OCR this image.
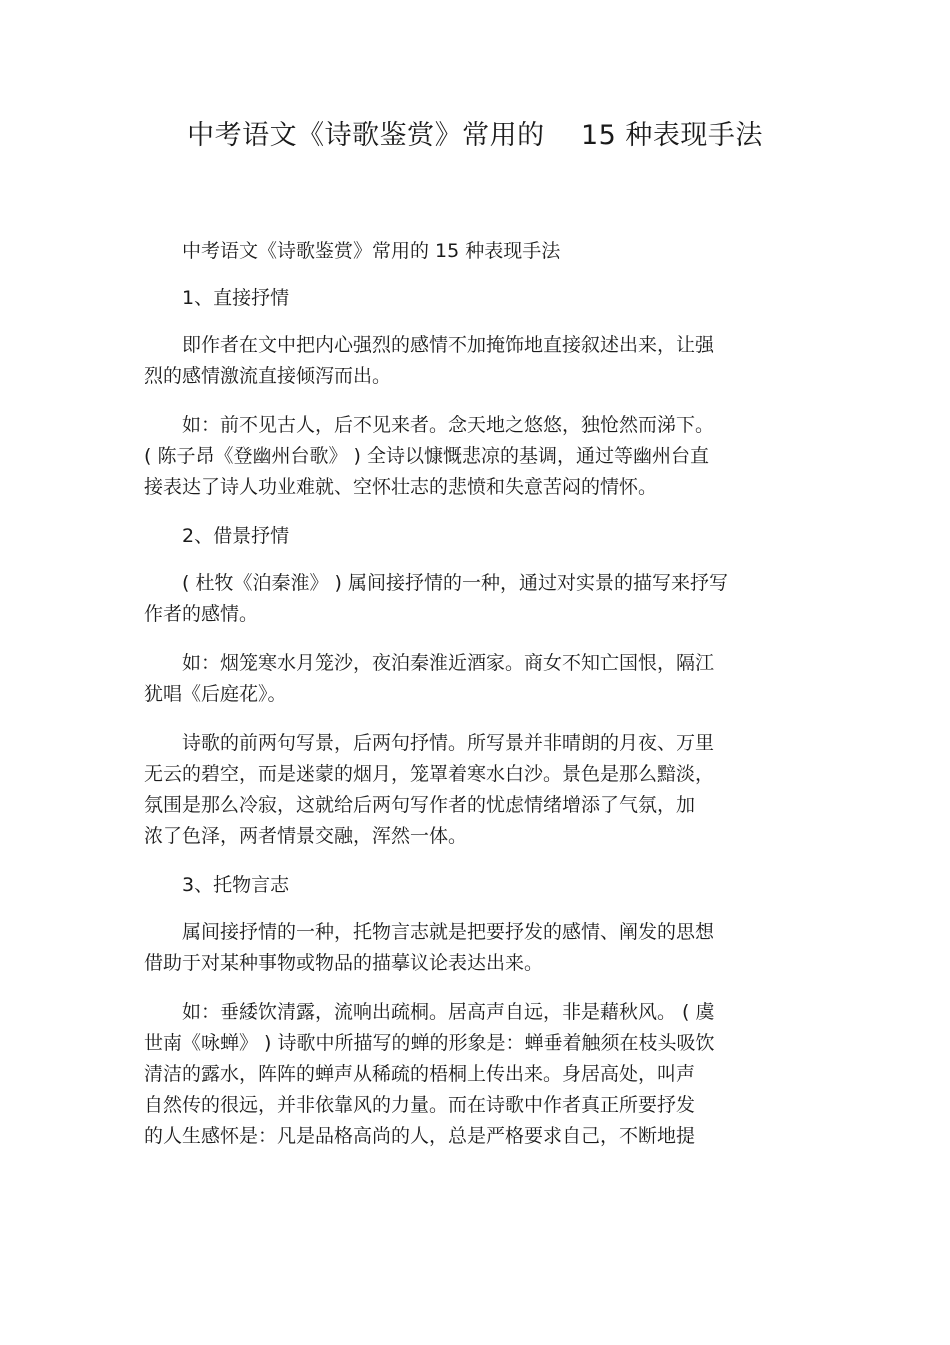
中考语文《诗歌鉴赏》常用的    15 种表现手法

中考语文《诗歌鉴赏》常用的 15 种表现手法

1、直接抒情

即作者在文中把内心强烈的感情不加掩饰地直接叙述出来，让强
烈的感情激流直接倾泻而出。

如：前不见古人，后不见来者。念天地之悠悠，独怆然而涕下。
( 陈子昂《登幽州台歌》 ) 全诗以慷慨悲凉的基调，通过等幽州台直
接表达了诗人功业难就、空怀壮志的悲愤和失意苦闷的情怀。

2、借景抒情

( 杜牧《泊秦淮》 ) 属间接抒情的一种，通过对实景的描写来抒写
作者的感情。

如：烟笼寒水月笼沙，夜泊秦淮近酒家。商女不知亡国恨，隔江
犹唱《后庭花》。

诗歌的前两句写景，后两句抒情。所写景并非晴朗的月夜、万里
无云的碧空，而是迷蒙的烟月，笼罩着寒水白沙。景色是那么黯淡，
氛围是那么冷寂，这就给后两句写作者的忧虑情绪增添了气氛，加
浓了色泽，两者情景交融，浑然一体。

3、托物言志

属间接抒情的一种，托物言志就是把要抒发的感情、阐发的思想
借助于对某种事物或物品的描摹议论表达出来。

如：垂緌饮清露，流响出疏桐。居高声自远，非是藉秋风。 ( 虞
世南《咏蝉》 ) 诗歌中所描写的蝉的形象是：蝉垂着触须在枝头吸饮
清洁的露水，阵阵的蝉声从稀疏的梧桐上传出来。身居高处，叫声
自然传的很远，并非依靠风的力量。而在诗歌中作者真正所要抒发
的人生感怀是：凡是品格高尚的人，总是严格要求自己，不断地提
